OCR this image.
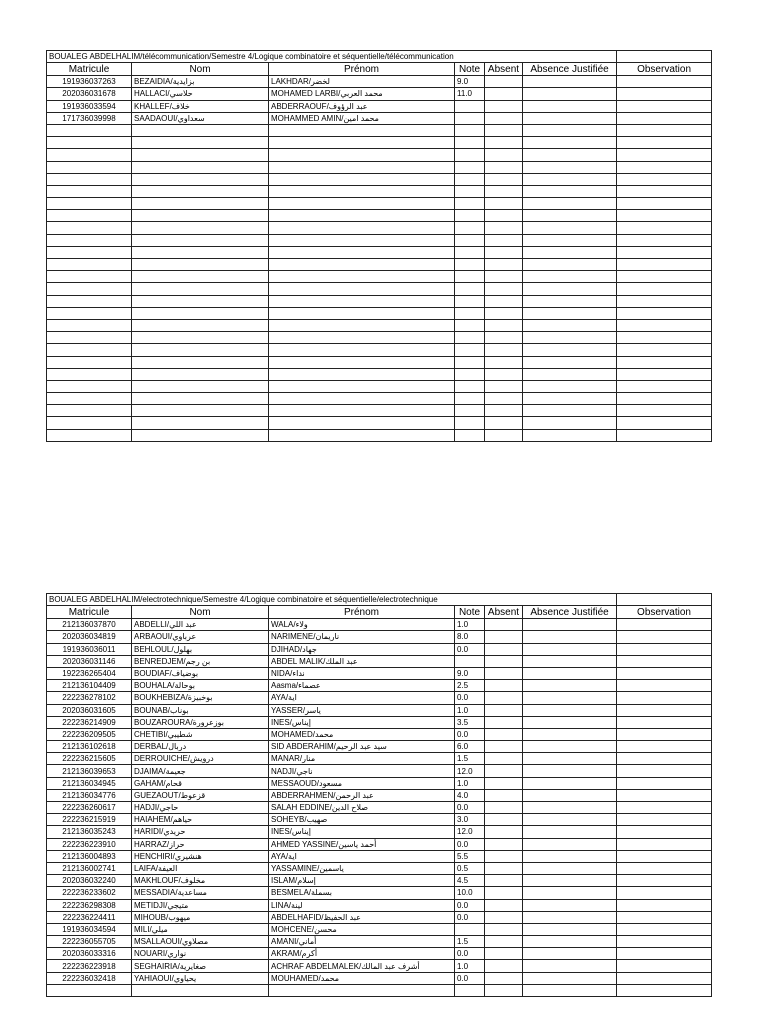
BOUALEG ABDELHALIM/télécommunication/Semestre 4/Logique combinatoire et séquentielle/télécommunication						
Matricule	Nom	Prénom	Note	Absent	Absence Justifiée	Observation
191936037263	BEZAIDIA/بزايدية	LAKHDAR/لخضر	9.0			
202036031678	HALLACI/حلاسي	MOHAMED LARBI/محمد العربي	11.0			
191936033594	KHALLEF/خلاف	ABDERRAOUF/عبد الرؤوف				
171736039998	SAADAOUI/سعداوي	MOHAMMED AMIN/محمد امين				

BOUALEG ABDELHALIM/electrotechnique/Semestre 4/Logique combinatoire et séquentielle/electrotechnique						
Matricule	Nom	Prénom	Note	Absent	Absence Justifiée	Observation
212136037870	ABDELLI/عبد اللي	WALA/ولاء	1.0			
202036034819	ARBAOUI/عرباوي	NARIMENE/ناريمان	8.0			
191936036011	BEHLOUL/بهلول	DJIHAD/جهاد	0.0			
202036031146	BENREDJEM/بن رجم	ABDEL MALIK/عبد الملك				
192236265404	BOUDIAF/بوضياف	NIDA/نداء	9.0			
212136104409	BOUHALA/بوحالة	Aasma/عصماء	2.5			
222236278102	BOUKHEBIZA/بوخبيزة	AYA/اية	0.0			
202036031605	BOUNAB/بوناب	YASSER/ياسر	1.0			
222236214909	BOUZAROURA/بوزعرورة	INES/إيناس	3.5			
222236209505	CHETIBI/شطيبي	MOHAMED/محمد	0.0			
212136102618	DERBAL/دربال	SID ABDERAHIM/سيد عبد الرحيم	6.0			
222236215605	DERROUICHE/درويش	MANAR/منار	1.5			
212136039653	DJAIMA/جعيمة	NADJI/ناجي	12.0			
212136034945	GAHAM/قحام	MESSAOUD/مسعود	1.0			
212136034776	GUEZAOUT/قزعوط	ABDERRAHMEN/عبد الرحمن	4.0			
222236260617	HADJI/حاجي	SALAH EDDINE/صلاح الدين	0.0			
222236215919	HAIAHEM/حياهم	SOHEYB/صهيب	3.0			
212136035243	HARIDI/حريدي	INES/إيناس	12.0			
222236223910	HARRAZ/حراز	AHMED YASSINE/أحمد ياسين	0.0			
212136004893	HENCHIRI/هنشيري	AYA/اية	5.5			
212136002741	LAIFA/العيفة	YASSAMINE/ياسمين	0.5			
202036032240	MAKHLOUF/مخلوف	ISLAM/إسلام	4.5			
222236233602	MESSADIA/مساعدية	BESMELA/بسملة	10.0			
222236298308	METIDJI/متيجي	LINA/لينة	0.0			
222236224411	MIHOUB/ميهوب	ABDELHAFID/عبد الحفيظ	0.0			
191936034594	MILI/ميلي	MOHCENE/محسن				
222236055705	MSALLAOUI/مصلاوي	AMANI/أماني	1.5			
202036033316	NOUARI/نواري	AKRAM/أكرم	0.0			
222236223918	SEGHAIRIA/صغايرية	ACHRAF ABDELMALEK/أشرف عبد المالك	1.0			
222236032418	YAHIAOUI/يحياوي	MOUHAMED/محمد	0.0			
